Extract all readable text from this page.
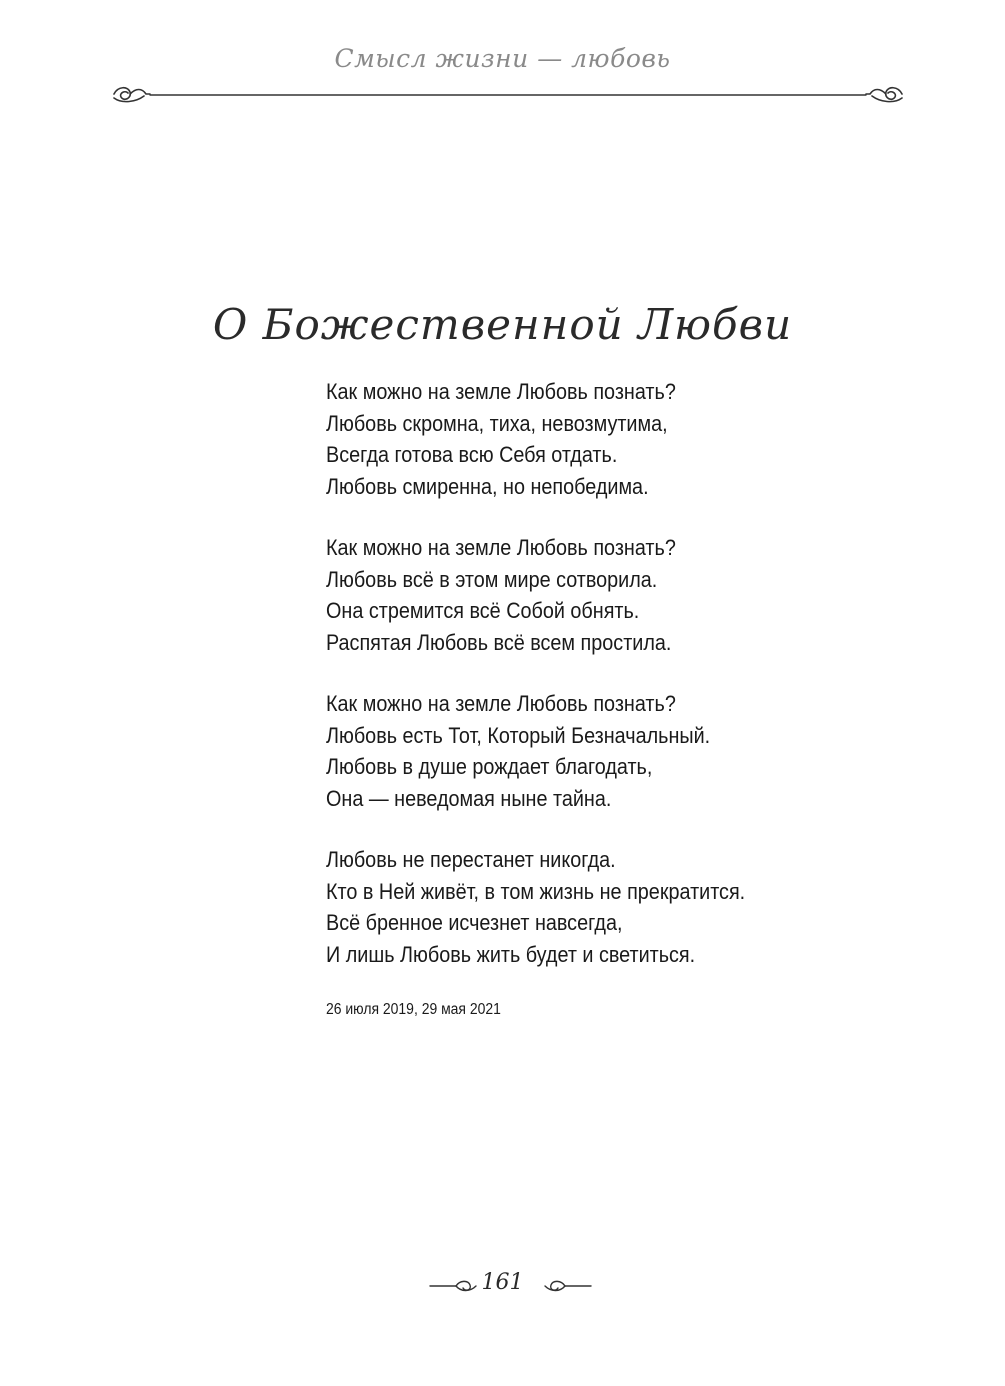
Смысл жизни — любовь
О Божественной Любви
Как можно на земле Любовь познать?
Любовь скромна, тиха, невозмутима,
Всегда готова всю Себя отдать.
Любовь смиренна, но непобедима.
Как можно на земле Любовь познать?
Любовь всё в этом мире сотворила.
Она стремится всё Собой обнять.
Распятая Любовь всё всем простила.
Как можно на земле Любовь познать?
Любовь есть Тот, Который Безначальный.
Любовь в душе рождает благодать,
Она — неведомая ныне тайна.
Любовь не перестанет никогда.
Кто в Ней живёт, в том жизнь не прекратится.
Всё бренное исчезнет навсегда,
И лишь Любовь жить будет и светиться.
26 июля 2019, 29 мая 2021
161
